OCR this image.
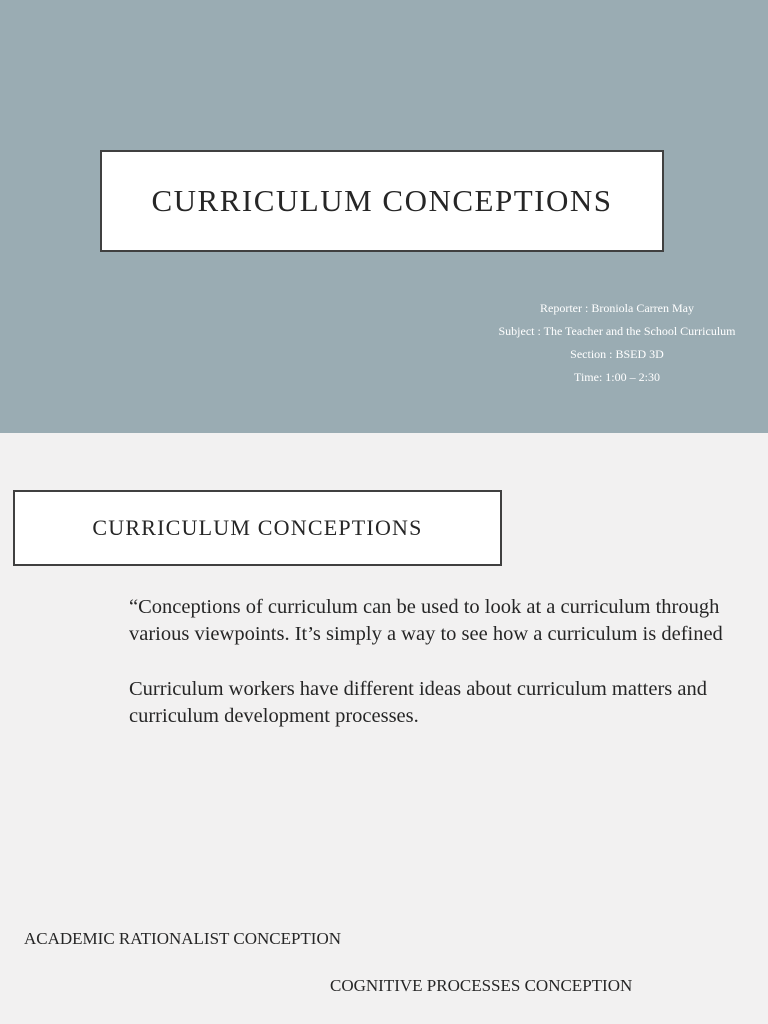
CURRICULUM CONCEPTIONS
Reporter : Broniola Carren May
Subject : The Teacher and the School Curriculum
Section : BSED 3D
Time: 1:00 – 2:30
CURRICULUM CONCEPTIONS

“Conceptions of curriculum can be used to look at a curriculum through various viewpoints. It’s simply a way to see how a curriculum is defined

Curriculum workers have different ideas about curriculum matters and curriculum development processes.

ACADEMIC RATIONALIST CONCEPTION
COGNITIVE PROCESSES CONCEPTION
